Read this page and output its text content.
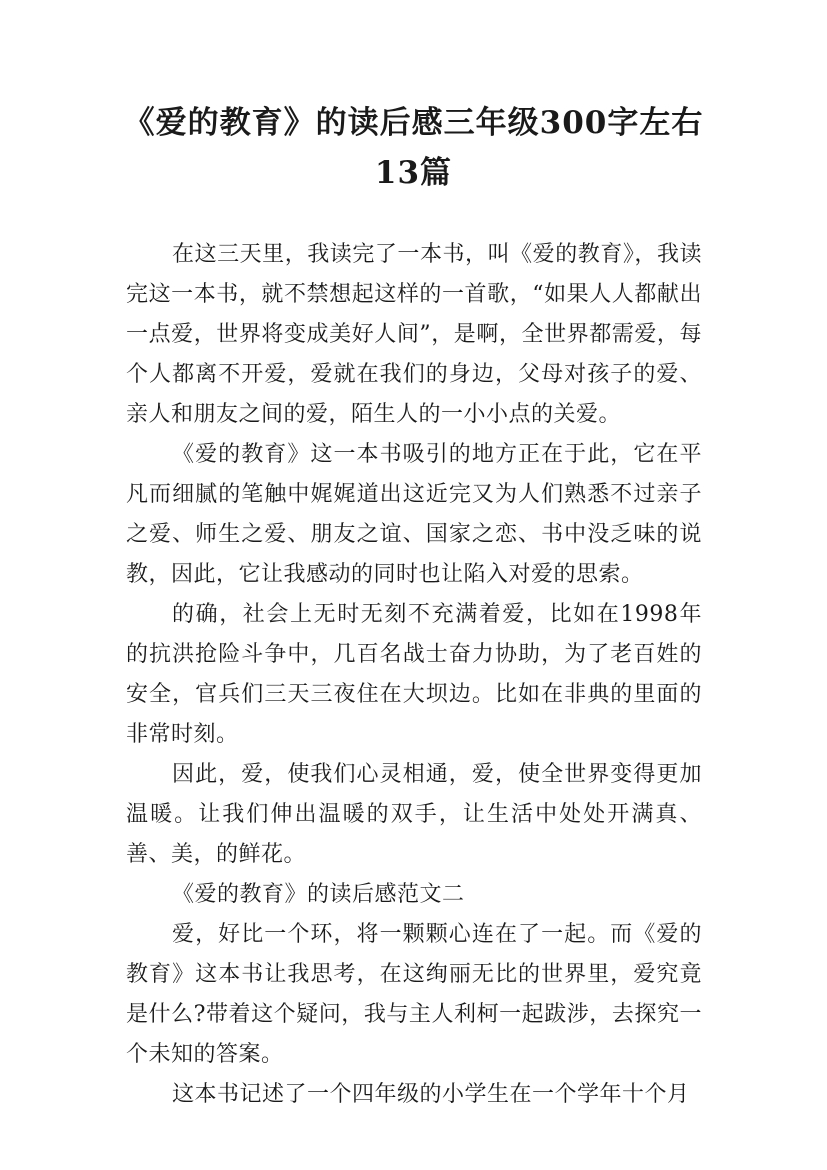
《爱的教育》的读后感三年级300字左右13篇

在这三天里，我读完了一本书，叫《爱的教育》，我读完这一本书，就不禁想起这样的一首歌，“如果人人都献出一点爱，世界将变成美好人间”，是啊，全世界都需爱，每个人都离不开爱，爱就在我们的身边，父母对孩子的爱、亲人和朋友之间的爱，陌生人的一小小点的关爱。

《爱的教育》这一本书吸引的地方正在于此，它在平凡而细腻的笔触中娓娓道出这近完又为人们熟悉不过亲子之爱、师生之爱、朋友之谊、国家之恋、书中没乏味的说教，因此，它让我感动的同时也让陷入对爱的思索。

的确，社会上无时无刻不充满着爱，比如在1998年的抗洪抢险斗争中，几百名战士奋力协助，为了老百姓的安全，官兵们三天三夜住在大坝边。比如在非典的里面的非常时刻。

因此，爱，使我们心灵相通，爱，使全世界变得更加温暖。让我们伸出温暖的双手，让生活中处处开满真、善、美，的鲜花。

《爱的教育》的读后感范文二

爱，好比一个环，将一颗颗心连在了一起。而《爱的教育》这本书让我思考，在这绚丽无比的世界里，爱究竟是什么?带着这个疑问，我与主人利柯一起跋涉，去探究一个未知的答案。

这本书记述了一个四年级的小学生在一个学年十个月
